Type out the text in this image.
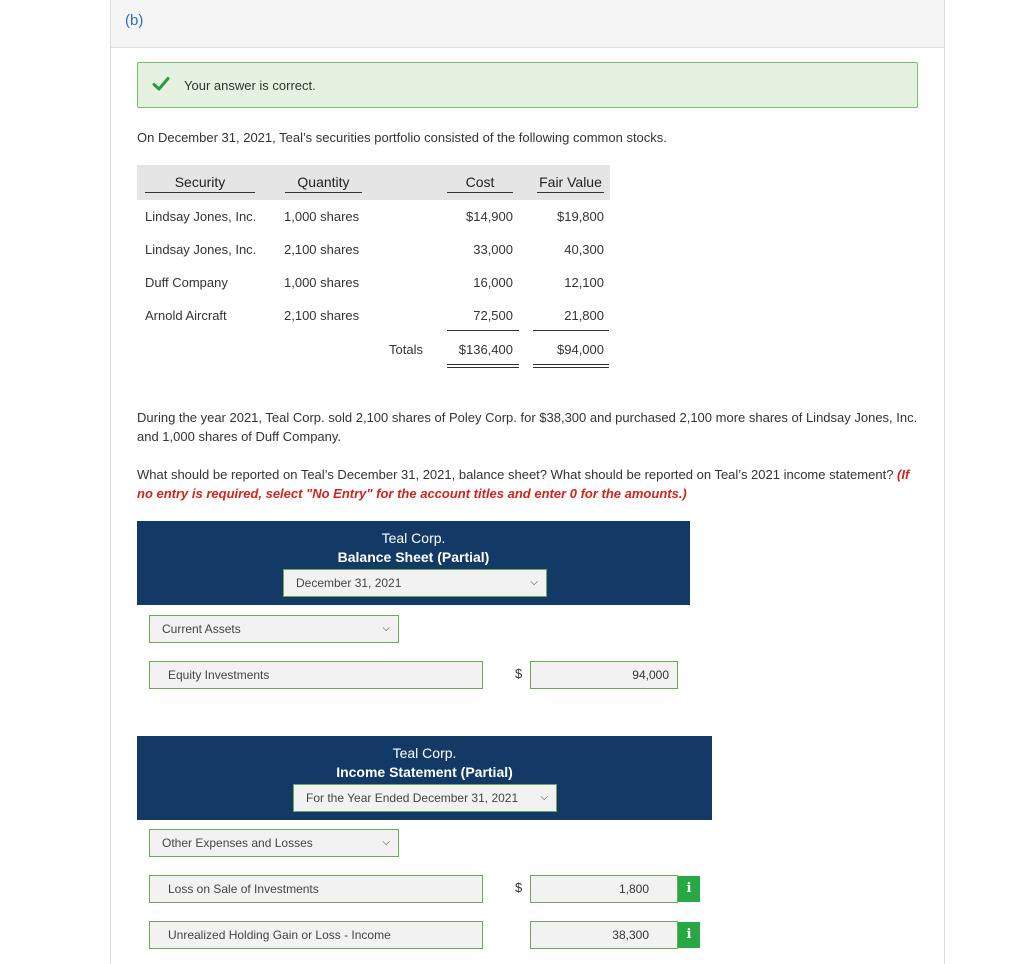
(b)
Your answer is correct.
On December 31, 2021, Teal’s securities portfolio consisted of the following common stocks.
Security	Quantity	Cost	Fair Value
Lindsay Jones, Inc. 1,000 shares	$14,900	$19,800
Lindsay Jones, Inc. 2,100 shares	33,000	40,300
Duff Company	1,000 shares	16,000	12,100
Arnold Aircraft	2,100 shares	72,500	21,800
Totals	$136,400	$94,000
During the year 2021, Teal Corp. sold 2,100 shares of Poley Corp. for $38,300 and purchased 2,100 more shares of Lindsay Jones, Inc. and 1,000 shares of Duff Company.
What should be reported on Teal’s December 31, 2021, balance sheet? What should be reported on Teal’s 2021 income statement? (If no entry is required, select "No Entry" for the account titles and enter 0 for the amounts.)
Teal Corp.
Balance Sheet (Partial)
December 31, 2021	⌵
Current Assets	⌵
Equity Investments	$	94,000
Teal Corp.
Income Statement (Partial)
For the Year Ended December 31, 2021 ⌵
Other Expenses and Losses	⌵
Loss on Sale of Investments	$	1,800	i
Unrealized Holding Gain or Loss - Income	38,300	i
